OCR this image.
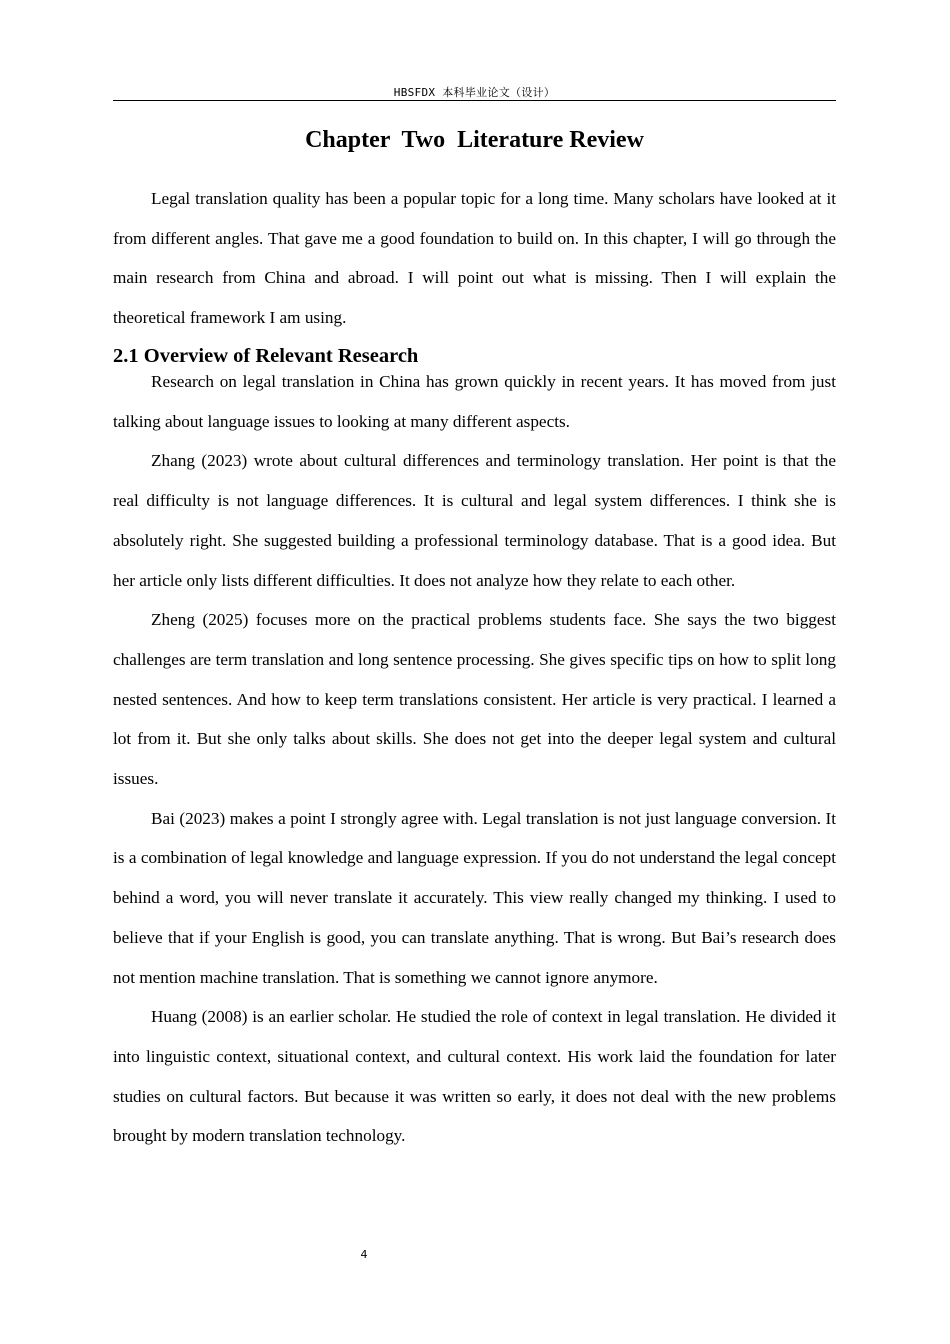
HBSFDX 本科毕业论文（设计）
Chapter  Two  Literature Review

Legal translation quality has been a popular topic for a long time. Many scholars have looked at it from different angles. That gave me a good foundation to build on. In this chapter, I will go through the main research from China and abroad. I will point out what is missing. Then I will explain the theoretical framework I am using.

2.1 Overview of Relevant Research

Research on legal translation in China has grown quickly in recent years. It has moved from just talking about language issues to looking at many different aspects.

Zhang (2023) wrote about cultural differences and terminology translation. Her point is that the real difficulty is not language differences. It is cultural and legal system differences. I think she is absolutely right. She suggested building a professional terminology database. That is a good idea. But her article only lists different difficulties. It does not analyze how they relate to each other.

Zheng (2025) focuses more on the practical problems students face. She says the two biggest challenges are term translation and long sentence processing. She gives specific tips on how to split long nested sentences. And how to keep term translations consistent. Her article is very practical. I learned a lot from it. But she only talks about skills. She does not get into the deeper legal system and cultural issues.

Bai (2023) makes a point I strongly agree with. Legal translation is not just language conversion. It is a combination of legal knowledge and language expression. If you do not understand the legal concept behind a word, you will never translate it accurately. This view really changed my thinking. I used to believe that if your English is good, you can translate anything. That is wrong. But Bai’s research does not mention machine translation. That is something we cannot ignore anymore.

Huang (2008) is an earlier scholar. He studied the role of context in legal translation. He divided it into linguistic context, situational context, and cultural context. His work laid the foundation for later studies on cultural factors. But because it was written so early, it does not deal with the new problems brought by modern translation technology.

4
